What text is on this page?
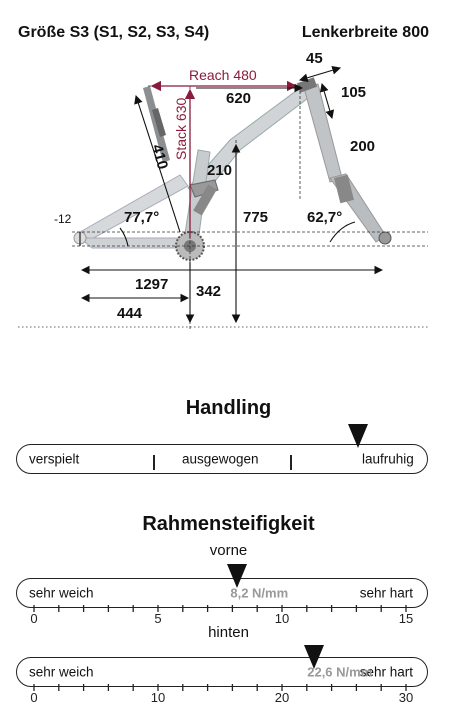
Größe S3 (S1, S2, S3, S4)	Lenkerbreite 800
Reach 480
Stack 630 620
45
105
200
410 210
775
1297 342
444
77,7°	62,7°
-12
Handling
verspielt	ausgewogen	laufruhig
Rahmensteifigkeit
vorne
sehr weich	sehr hart
8,2 N/mm
0	5	10	15
hinten
sehr weich	sehr hart
22,6 N/mm
0	10	20	30
